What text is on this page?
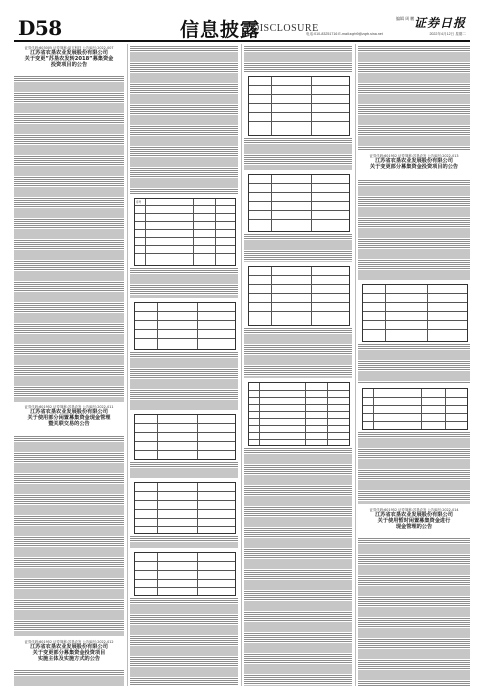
D58	信息披露
DISCLOSURE
编辑 周 鹏 证券日报
电话:010-83251716 E-mail:zqrb9@zqrb.sina.net	2022年4月12日 星期二
证券代码:603005 证券简称:晶方科技 公告编号:2022-007
江苏省农垦农业发展股份有限公司
关于变更”苏垦农发转2018”募集资金
投资项目的公告
证券代码:601952 证券简称:苏垦农发 公告编号:2022-011
江苏省农垦农业发展股份有限公司
关于使用部分闲置募集资金现金管理
暨关联交易的公告
证券代码:601952 证券简称:苏垦农发 公告编号:2022-012
江苏省农垦农业发展股份有限公司
关于变更部分募集资金投资项目
实施主体及实施方式的公告
序号
证券代码:601952 证券简称:苏垦农发 公告编号:2022-013
江苏省农垦农业发展股份有限公司
关于变更部分募集资金投资项目的公告
证券代码:601952 证券简称:苏垦农发 公告编号:2022-014
江苏省农垦农业发展股份有限公司
关于使用暂时闲置募集资金进行
现金管理的公告
